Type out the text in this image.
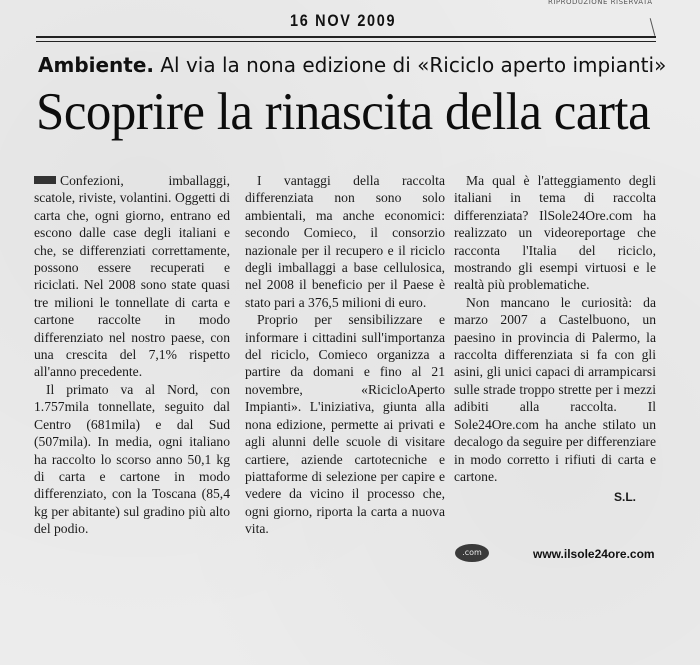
RIPRODUZIONE RISERVATA
16 NOV 2009
Ambiente. Al via la nona edizione di «Riciclo aperto impianti»
Scoprire la rinascita della carta

Confezioni, imballaggi, scatole, riviste, volantini. Oggetti di carta che, ogni giorno, entrano ed escono dalle case degli italiani e che, se differenziati correttamente, possono essere recuperati e riciclati. Nel 2008 sono state quasi tre milioni le tonnellate di carta e cartone raccolte in modo differenziato nel nostro paese, con una crescita del 7,1% rispetto all'anno precedente.

Il primato va al Nord, con 1.757mila tonnellate, seguito dal Centro (681mila) e dal Sud (507mila). In media, ogni italiano ha raccolto lo scorso anno 50,1 kg di carta e cartone in modo differenziato, con la Toscana (85,4 kg per abitante) sul gradino più alto del podio.

I vantaggi della raccolta differenziata non sono solo ambientali, ma anche economici: secondo Comieco, il consorzio nazionale per il recupero e il riciclo degli imballaggi a base cellulosica, nel 2008 il beneficio per il Paese è stato pari a 376,5 milioni di euro.

Proprio per sensibilizzare e informare i cittadini sull'importanza del riciclo, Comieco organizza a partire da domani e fino al 21 novembre, «RicicloAperto Impianti». L'iniziativa, giunta alla nona edizione, permette ai privati e agli alunni delle scuole di visitare cartiere, aziende cartotecniche e piattaforme di selezione per capire e vedere da vicino il processo che, ogni giorno, riporta la carta a nuova vita.

Ma qual è l'atteggiamento degli italiani in tema di raccolta differenziata? IlSole24Ore.com ha realizzato un videoreportage che racconta l'Italia del riciclo, mostrando gli esempi virtuosi e le realtà più problematiche.

Non mancano le curiosità: da marzo 2007 a Castelbuono, un paesino in provincia di Palermo, la raccolta differenziata si fa con gli asini, gli unici capaci di arrampicarsi sulle strade troppo strette per i mezzi adibiti alla raccolta. Il Sole24Ore.com ha anche stilato un decalogo da seguire per differenziare in modo corretto i rifiuti di carta e cartone.

S.L.
.com	www.ilsole24ore.com
